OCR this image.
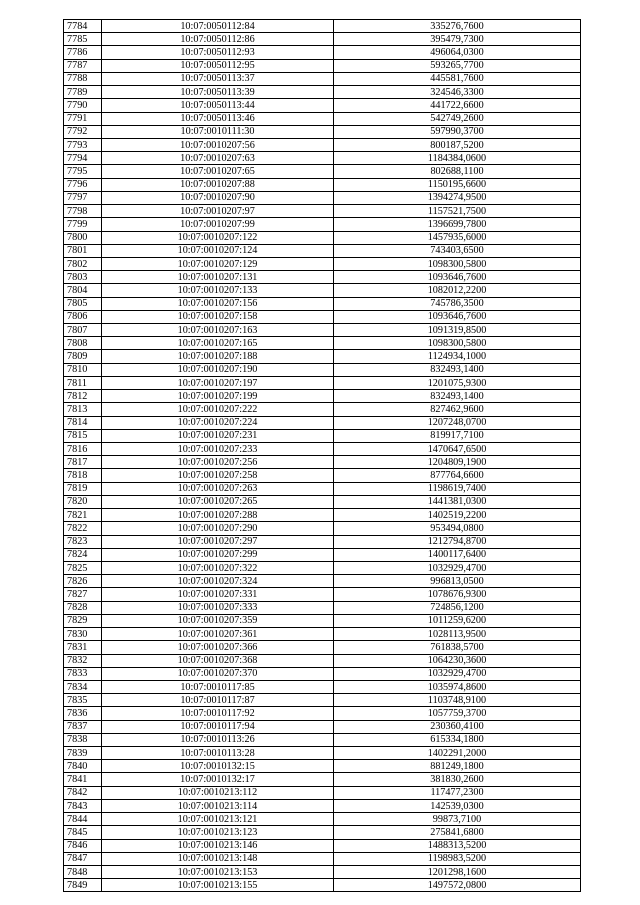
7784	10:07:0050112:84	335276,7600
7785	10:07:0050112:86	395479,7300
7786	10:07:0050112:93	496064,0300
7787	10:07:0050112:95	593265,7700
7788	10:07:0050113:37	445581,7600
7789	10:07:0050113:39	324546,3300
7790	10:07:0050113:44	441722,6600
7791	10:07:0050113:46	542749,2600
7792	10:07:0010111:30	597990,3700
7793	10:07:0010207:56	800187,5200
7794	10:07:0010207:63	1184384,0600
7795	10:07:0010207:65	802688,1100
7796	10:07:0010207:88	1150195,6600
7797	10:07:0010207:90	1394274,9500
7798	10:07:0010207:97	1157521,7500
7799	10:07:0010207:99	1396699,7800
7800	10:07:0010207:122	1457935,6000
7801	10:07:0010207:124	743403,6500
7802	10:07:0010207:129	1098300,5800
7803	10:07:0010207:131	1093646,7600
7804	10:07:0010207:133	1082012,2200
7805	10:07:0010207:156	745786,3500
7806	10:07:0010207:158	1093646,7600
7807	10:07:0010207:163	1091319,8500
7808	10:07:0010207:165	1098300,5800
7809	10:07:0010207:188	1124934,1000
7810	10:07:0010207:190	832493,1400
7811	10:07:0010207:197	1201075,9300
7812	10:07:0010207:199	832493,1400
7813	10:07:0010207:222	827462,9600
7814	10:07:0010207:224	1207248,0700
7815	10:07:0010207:231	819917,7100
7816	10:07:0010207:233	1470647,6500
7817	10:07:0010207:256	1204809,1900
7818	10:07:0010207:258	877764,6600
7819	10:07:0010207:263	1198619,7400
7820	10:07:0010207:265	1441381,0300
7821	10:07:0010207:288	1402519,2200
7822	10:07:0010207:290	953494,0800
7823	10:07:0010207:297	1212794,8700
7824	10:07:0010207:299	1400117,6400
7825	10:07:0010207:322	1032929,4700
7826	10:07:0010207:324	996813,0500
7827	10:07:0010207:331	1078676,9300
7828	10:07:0010207:333	724856,1200
7829	10:07:0010207:359	1011259,6200
7830	10:07:0010207:361	1028113,9500
7831	10:07:0010207:366	761838,5700
7832	10:07:0010207:368	1064230,3600
7833	10:07:0010207:370	1032929,4700
7834	10:07:0010117:85	1035974,8600
7835	10:07:0010117:87	1103748,9100
7836	10:07:0010117:92	1057759,3700
7837	10:07:0010117:94	230360,4100
7838	10:07:0010113:26	615334,1800
7839	10:07:0010113:28	1402291,2000
7840	10:07:0010132:15	881249,1800
7841	10:07:0010132:17	381830,2600
7842	10:07:0010213:112	117477,2300
7843	10:07:0010213:114	142539,0300
7844	10:07:0010213:121	99873,7100
7845	10:07:0010213:123	275841,6800
7846	10:07:0010213:146	1488313,5200
7847	10:07:0010213:148	1198983,5200
7848	10:07:0010213:153	1201298,1600
7849	10:07:0010213:155	1497572,0800
